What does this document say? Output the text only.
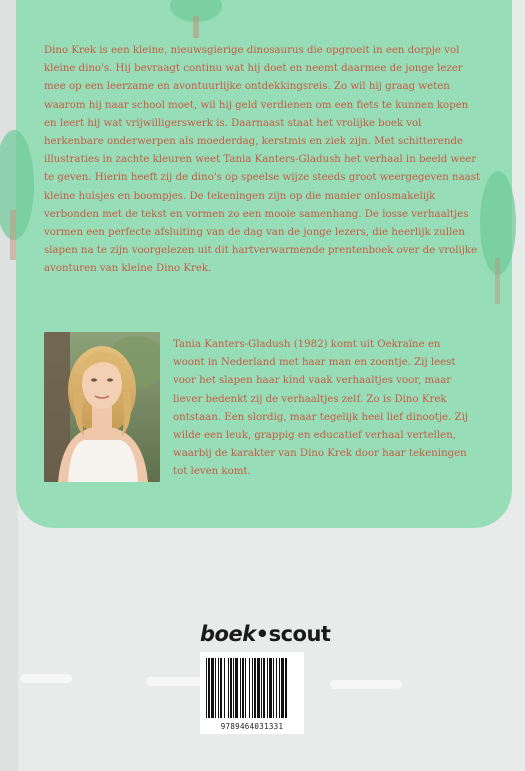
Dino Krek is een kleine, nieuwsgierige dinosaurus die opgroeit in een dorpje vol kleine dino's. Hij bevraagt continu wat hij doet en neemt daarmee de jonge lezer mee op een leerzame en avontuurlijke ontdekkingsreis. Zo wil hij graag weten waarom hij naar school moet, wil hij geld verdienen om een fiets te kunnen kopen en leert hij wat vrijwilligerswerk is. Daarnaast staat het vrolijke boek vol herkenbare onderwerpen als moederdag, kerstmis en ziek zijn. Met schitterende illustraties in zachte kleuren weet Tania Kanters-Gladush het verhaal in beeld weer te geven. Hierin heeft zij de dino's op speelse wijze steeds groot weergegeven naast kleine huisjes en boompjes. De tekeningen zijn op die manier onlosmakelijk verbonden met de tekst en vormen zo een mooie samenhang. De losse verhaaltjes vormen een perfecte afsluiting van de dag van de jonge lezers, die heerlijk zullen slapen na te zijn voorgelezen uit dit hartverwarmende prentenboek over de vrolijke avonturen van kleine Dino Krek.

Tania Kanters-Gladush (1982) komt uit Oekraïne en woont in Nederland met haar man en zoontje. Zij leest voor het slapen haar kind vaak verhaaltjes voor, maar liever bedenkt zij de verhaaltjes zelf. Zo is Dino Krek ontstaan. Een slordig, maar tegelijk heel lief dinootje. Zij wilde een leuk, grappig en educatief verhaal vertellen, waarbij de karakter van Dino Krek door haar tekeningen tot leven komt.

boek•scout
9789464031331
